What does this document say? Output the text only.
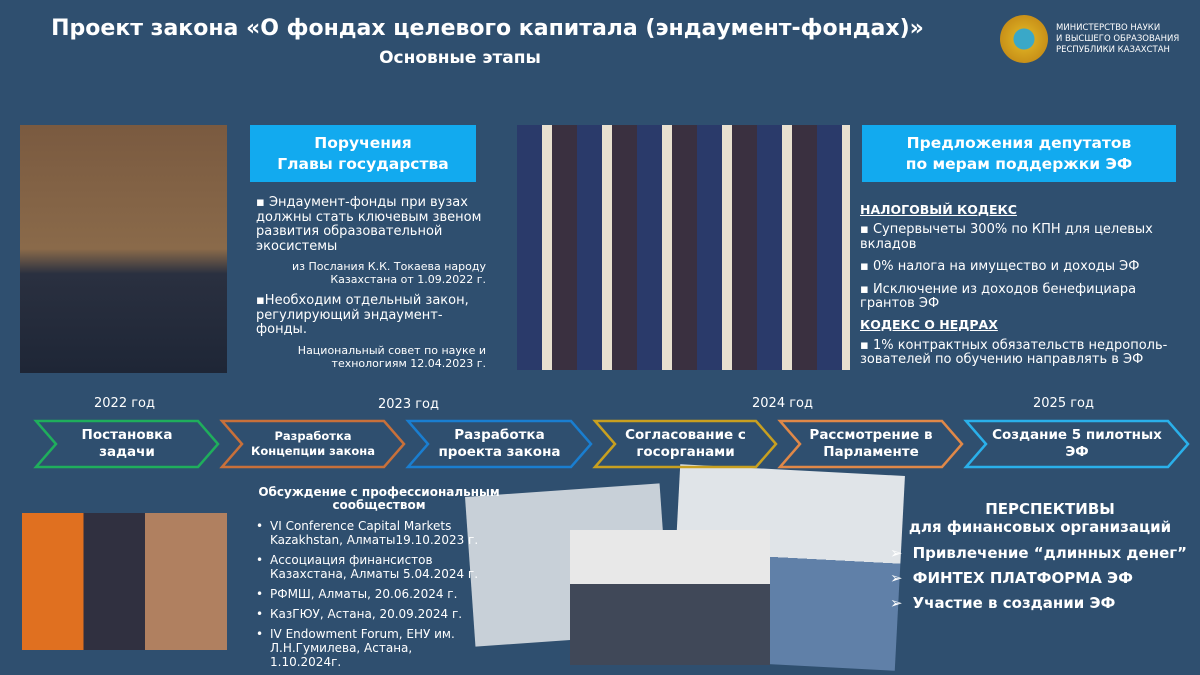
Проект закона «О фондах целевого капитала (эндаумент-фондах)»
Основные этапы
МИНИСТЕРСТВО НАУКИ
И ВЫСШЕГО ОБРАЗОВАНИЯ
РЕСПУБЛИКИ КАЗАХСТАН
Поручения
Главы государства
▪ Эндаумент-фонды при вузах должны стать ключевым звеном развития образовательной экосистемы
из Послания К.К. Токаева народу Казахстана от 1.09.2022 г.
▪Необходим отдельный закон, регулирующий эндаумент-фонды.
Национальный совет по науке и технологиям 12.04.2023 г.
Предложения депутатов
по мерам поддержки ЭФ
НАЛОГОВЫЙ КОДЕКС
▪ Супервычеты 300% по КПН для целевых вкладов
▪ 0% налога на имущество и доходы ЭФ
▪ Исключение из доходов бенефициара грантов ЭФ
КОДЕКС О НЕДРАХ
▪ 1% контрактных обязательств недрополь-зователей по обучению направлять в ЭФ
2022 год	2023 год	2024 год	2025 год
Постановка задачи
Разработка Концепции закона
Разработка проекта закона
Согласование с госорганами
Рассмотрение в Парламенте
Создание 5 пилотных ЭФ
Обсуждение с профессиональным сообществом
• VI Conference Capital Markets Kazakhstan, Алматы19.10.2023 г.
• Ассоциация финансистов Казахстана, Алматы 5.04.2024 г.
• РФМШ, Алматы, 20.06.2024 г.
• КазГЮУ, Астана, 20.09.2024 г.
• IV Endowment Forum, ЕНУ им. Л.Н.Гумилева, Астана, 1.10.2024г.
ПЕРСПЕКТИВЫ
для финансовых организаций
➢ Привлечение “длинных денег”
➢ ФИНТЕХ ПЛАТФОРМА ЭФ
➢ Участие в создании ЭФ
